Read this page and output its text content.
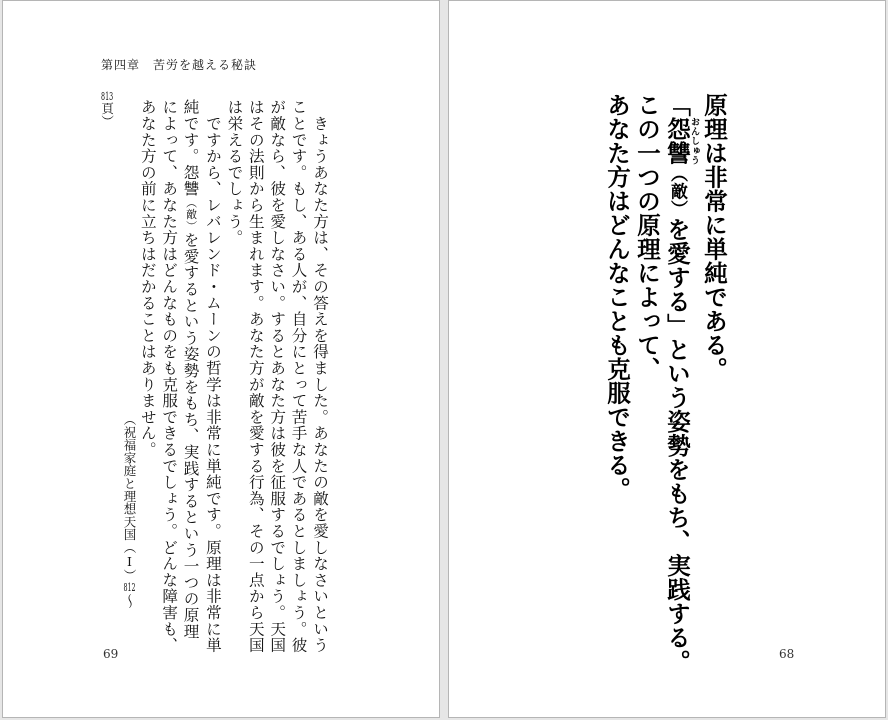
第四章　苦労を越える秘訣
　きょうあなた方は、その答えを得ました。あなたの敵を愛しなさいという
ことです。もし、ある人が、自分にとって苦手な人であるとしましょう。彼
が敵なら、彼を愛しなさい。するとあなた方は彼を征服するでしょう。天国
はその法則から生まれます。あなた方が敵を愛する行為、その一点から天国
は栄えるでしょう。
　ですから、レバレンド・ムーンの哲学は非常に単純です。原理は非常に単
純です。怨讐（敵）を愛するという姿勢をもち、実践するという一つの原理
によって、あなた方はどんなものをも克服できるでしょう。どんな障害も、
あなた方の前に立ちはだかることはありません。
（祝福家庭と理想天国（Ⅰ）812〜
813頁）
69
原理は非常に単純である。
「怨讐おんしゅう（敵）を愛する」という姿勢をもち、実践する。
この一つの原理によって、
あなた方はどんなことも克服できる。
68
